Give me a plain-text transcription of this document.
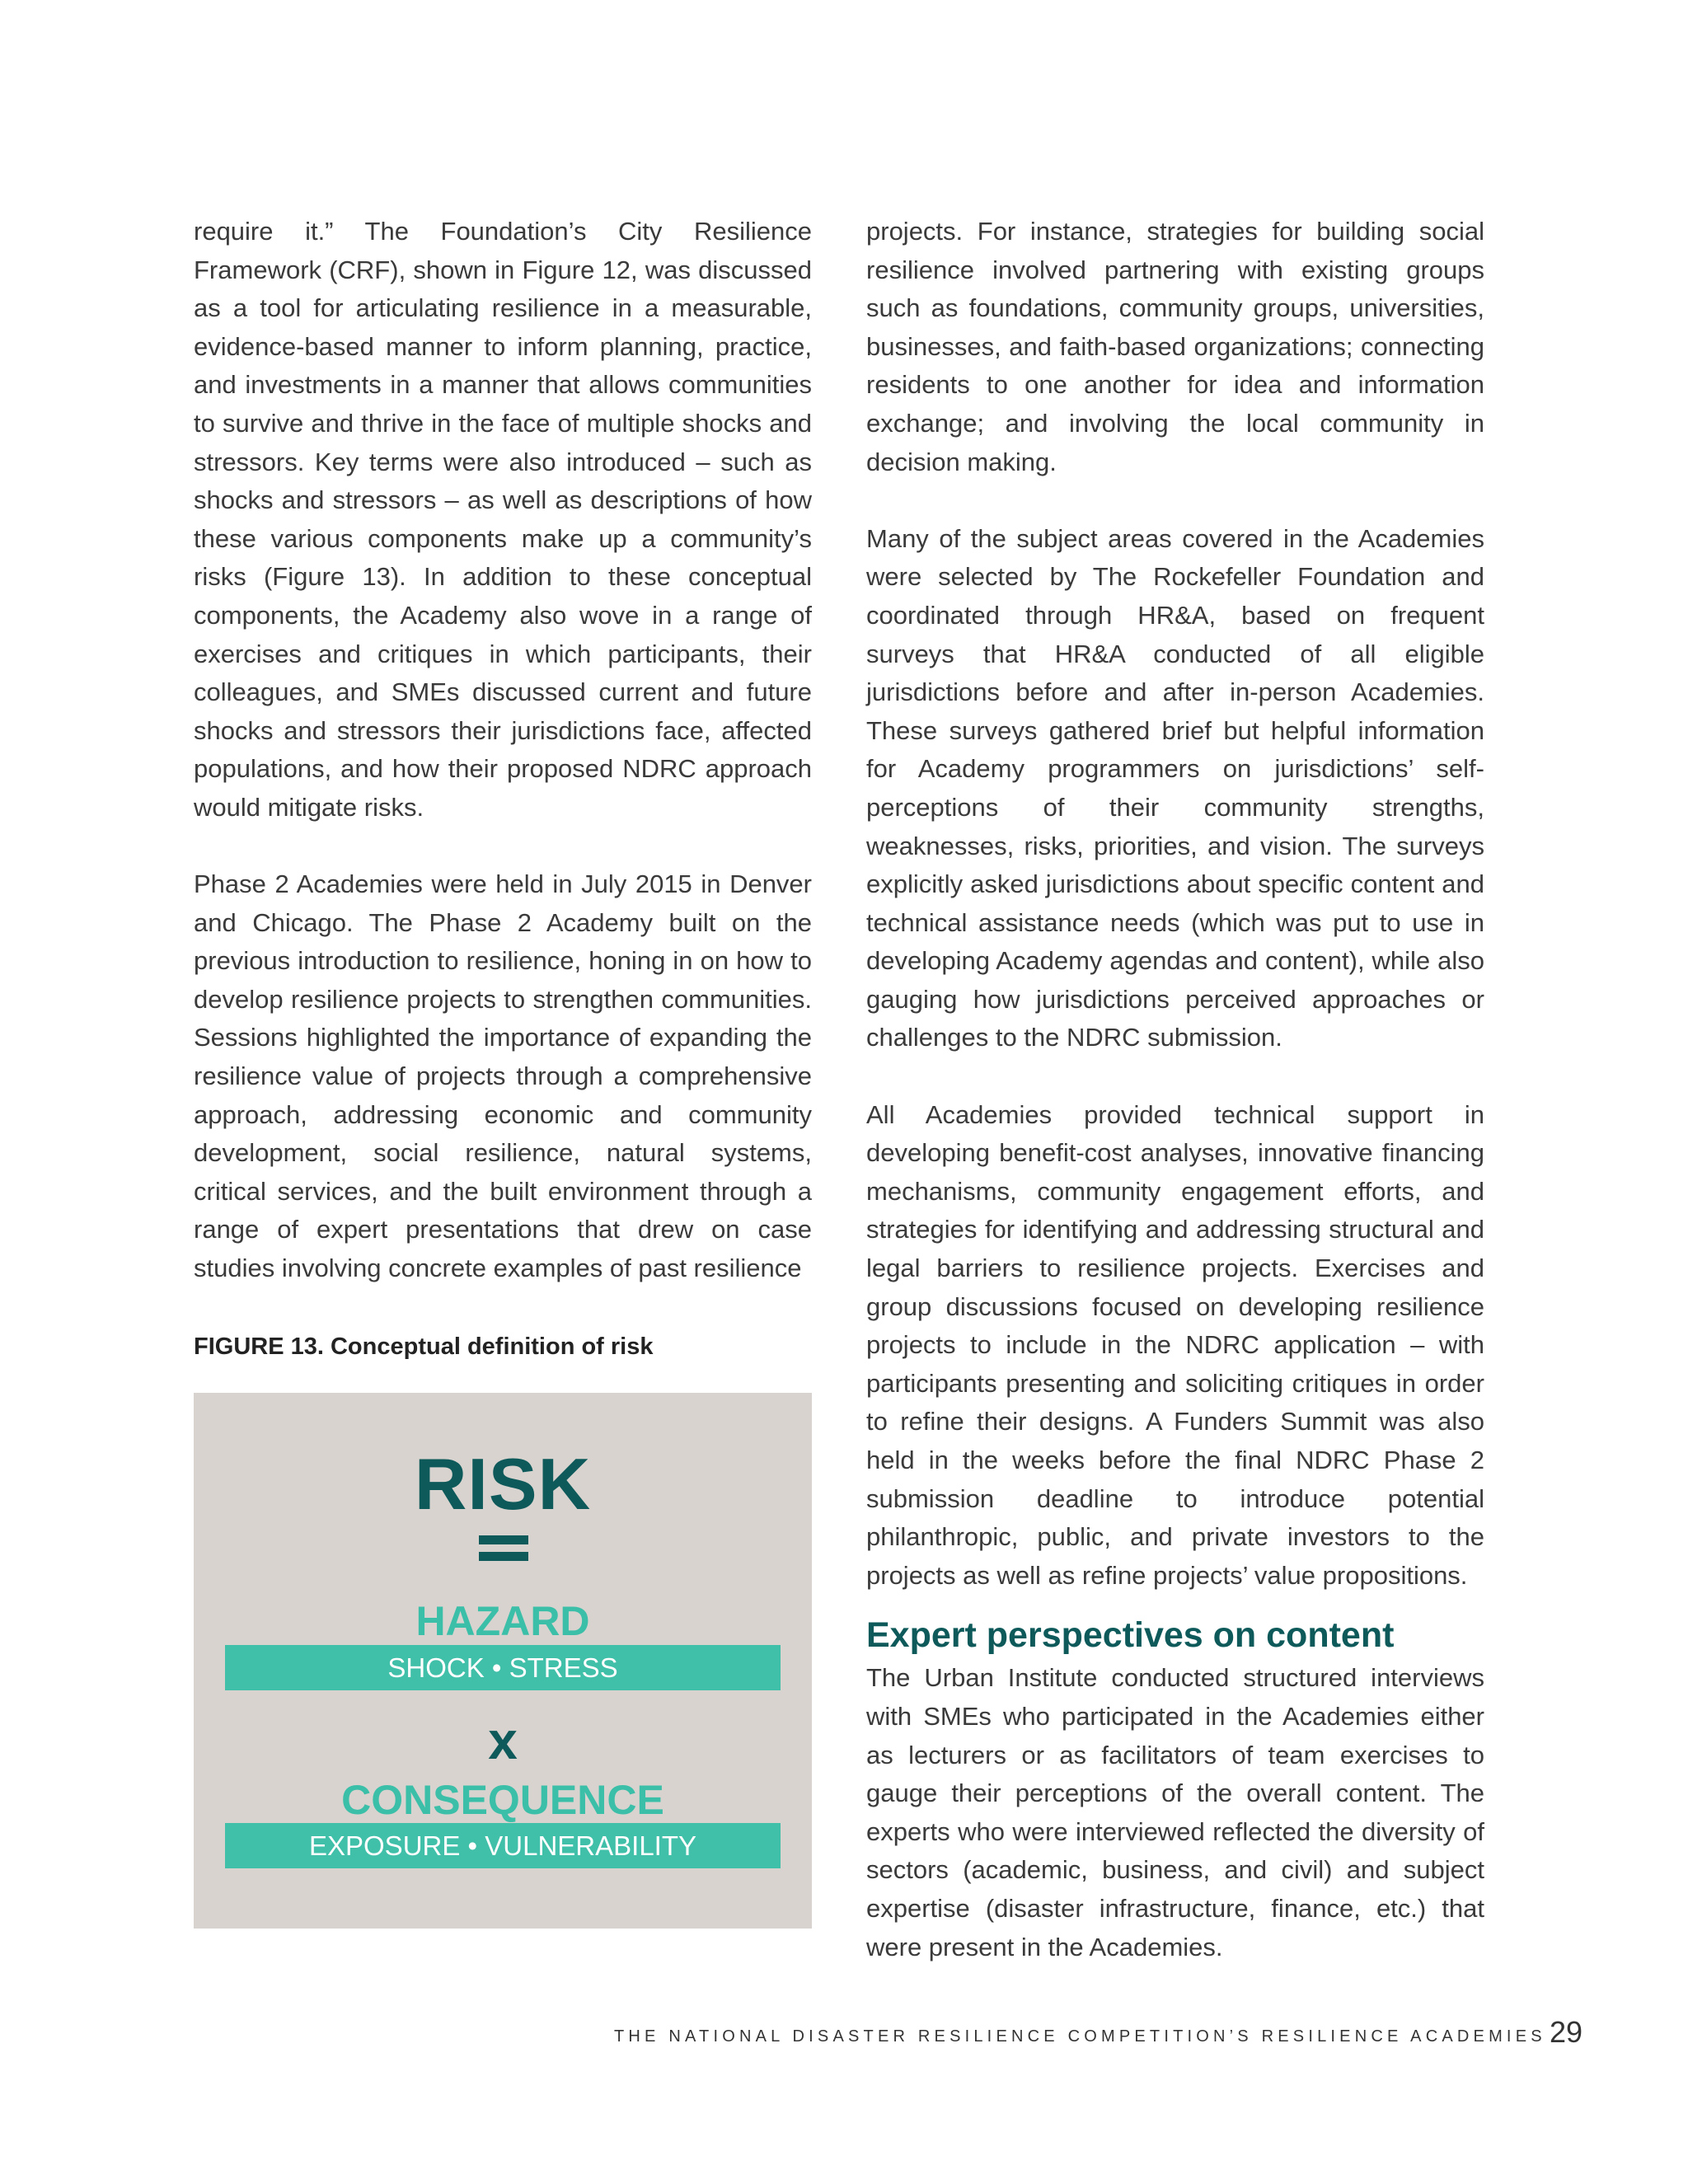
require it.” The Foundation’s City Resilience Framework (CRF), shown in Figure 12, was discussed as a tool for articulating resilience in a measurable, evidence-based manner to inform planning, practice, and investments in a manner that allows communities to survive and thrive in the face of multiple shocks and stressors. Key terms were also introduced – such as shocks and stressors – as well as descriptions of how these various components make up a community’s risks (Figure 13). In addition to these conceptual components, the Academy also wove in a range of exercises and critiques in which participants, their colleagues, and SMEs discussed current and future shocks and stressors their jurisdictions face, affected populations, and how their proposed NDRC approach would mitigate risks.

Phase 2 Academies were held in July 2015 in Denver and Chicago. The Phase 2 Academy built on the previous introduction to resilience, honing in on how to develop resilience projects to strengthen communities. Sessions highlighted the importance of expanding the resilience value of projects through a comprehensive approach, addressing economic and community development, social resilience, natural systems, critical services, and the built environment through a range of expert presentations that drew on case studies involving concrete examples of past resilience

FIGURE 13. Conceptual definition of risk
RISK
HAZARD
SHOCK • STRESS
x
CONSEQUENCE
EXPOSURE • VULNERABILITY

projects. For instance, strategies for building social resilience involved partnering with existing groups such as foundations, community groups, universities, businesses, and faith-based organizations; connecting residents to one another for idea and information exchange; and involving the local community in decision making.

Many of the subject areas covered in the Academies were selected by The Rockefeller Foundation and coordinated through HR&A, based on frequent surveys that HR&A conducted of all eligible jurisdictions before and after in-person Academies. These surveys gathered brief but helpful information for Academy programmers on jurisdictions’ self-perceptions of their community strengths, weaknesses, risks, priorities, and vision. The surveys explicitly asked jurisdictions about specific content and technical assistance needs (which was put to use in developing Academy agendas and content), while also gauging how jurisdictions perceived approaches or challenges to the NDRC submission.

All Academies provided technical support in developing benefit-cost analyses, innovative financing mechanisms, community engagement efforts, and strategies for identifying and addressing structural and legal barriers to resilience projects. Exercises and group discussions focused on developing resilience projects to include in the NDRC application – with participants presenting and soliciting critiques in order to refine their designs. A Funders Summit was also held in the weeks before the final NDRC Phase 2 submission deadline to introduce potential philanthropic, public, and private investors to the projects as well as refine projects’ value propositions.

Expert perspectives on content

The Urban Institute conducted structured interviews with SMEs who participated in the Academies either as lecturers or as facilitators of team exercises to gauge their perceptions of the overall content. The experts who were interviewed reflected the diversity of sectors (academic, business, and civil) and subject expertise (disaster infrastructure, finance, etc.) that were present in the Academies.

THE NATIONAL DISASTER RESILIENCE COMPETITION’S RESILIENCE ACADEMIES 29
